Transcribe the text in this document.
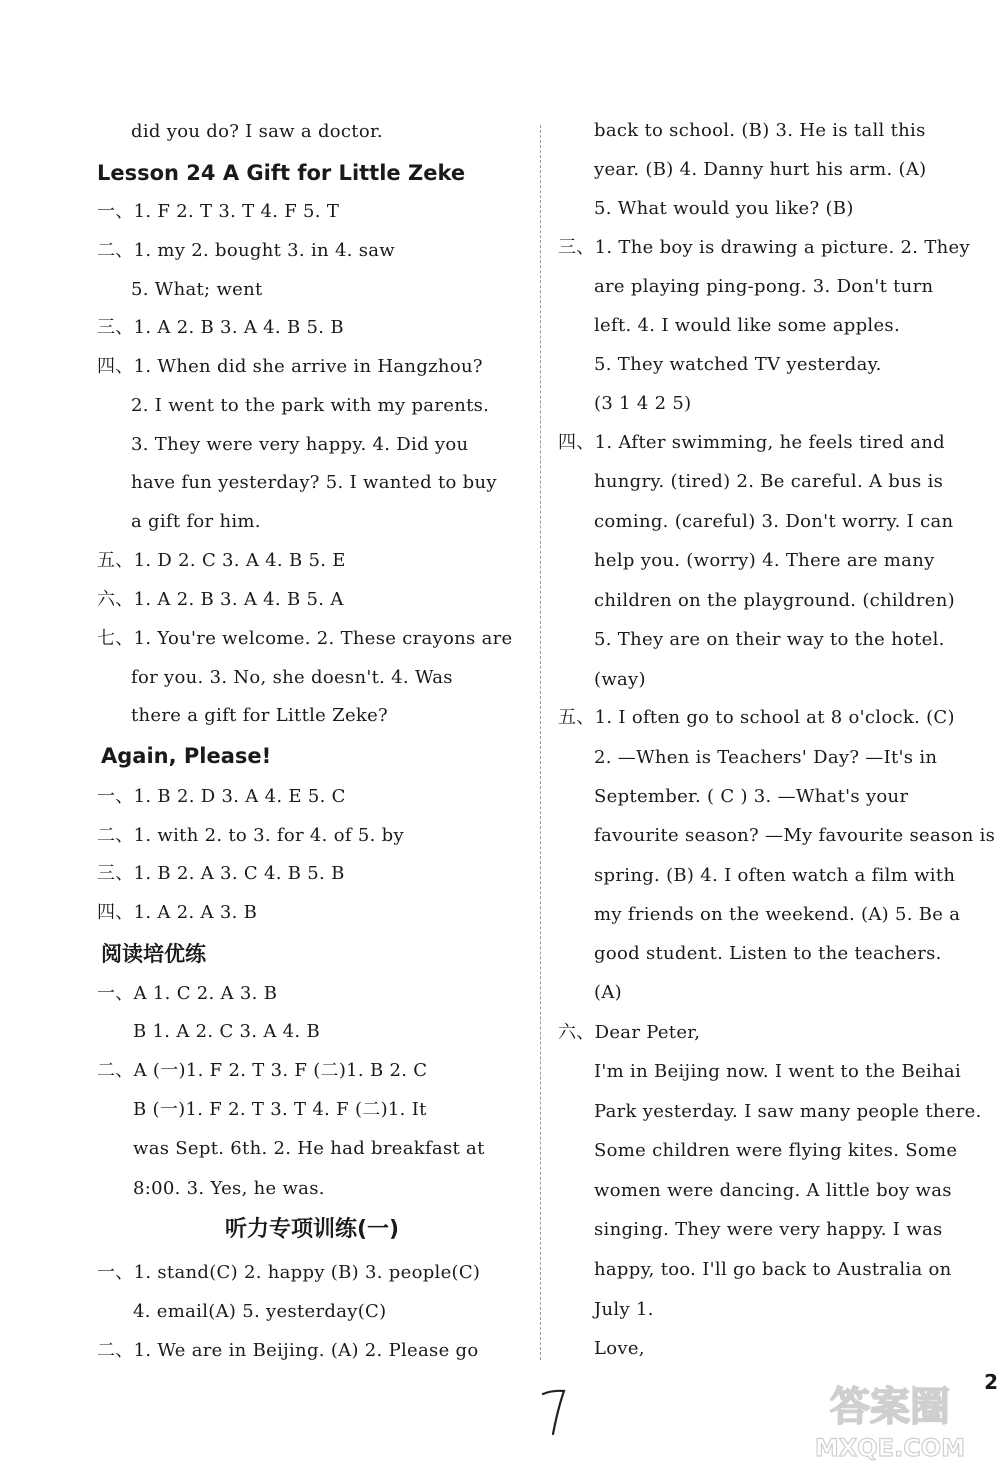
did you do? I saw a doctor.
Lesson 24 A Gift for Little Zeke
一、1. F 2. T 3. T 4. F 5. T
二、1. my 2. bought 3. in 4. saw
5. What; went
三、1. A 2. B 3. A 4. B 5. B
四、1. When did she arrive in Hangzhou?
2. I went to the park with my parents.
3. They were very happy. 4. Did you
have fun yesterday? 5. I wanted to buy
a gift for him.
五、1. D 2. C 3. A 4. B 5. E
六、1. A 2. B 3. A 4. B 5. A
七、1. You're welcome. 2. These crayons are
for you. 3. No, she doesn't. 4. Was
there a gift for Little Zeke?
Again, Please!
一、1. B 2. D 3. A 4. E 5. C
二、1. with 2. to 3. for 4. of 5. by
三、1. B 2. A 3. C 4. B 5. B
四、1. A 2. A 3. B
阅读培优练
一、A 1. C 2. A 3. B
B 1. A 2. C 3. A 4. B
二、A (一)1. F 2. T 3. F (二)1. B 2. C
B (一)1. F 2. T 3. T 4. F (二)1. It
was Sept. 6th. 2. He had breakfast at
8:00. 3. Yes, he was.
一、1. stand(C) 2. happy (B) 3. people(C)
4. email(A) 5. yesterday(C)
二、1. We are in Beijing. (A) 2. Please go
听力专项训练(一)
back to school. (B) 3. He is tall this
year. (B) 4. Danny hurt his arm. (A)
5. What would you like? (B)
三、1. The boy is drawing a picture. 2. They
are playing ping-pong. 3. Don't turn
left. 4. I would like some apples.
5. They watched TV yesterday.
(3 1 4 2 5)
四、1. After swimming, he feels tired and
hungry. (tired) 2. Be careful. A bus is
coming. (careful) 3. Don't worry. I can
help you. (worry) 4. There are many
children on the playground. (children)
5. They are on their way to the hotel.
(way)
五、1. I often go to school at 8 o'clock. (C)
2. —When is Teachers' Day? —It's in
September. ( C ) 3. —What's your
favourite season? —My favourite season is
spring. (B) 4. I often watch a film with
my friends on the weekend. (A) 5. Be a
good student. Listen to the teachers.
(A)
六、Dear Peter,
I'm in Beijing now. I went to the Beihai
Park yesterday. I saw many people there.
Some children were flying kites. Some
women were dancing. A little boy was
singing. They were very happy. I was
happy, too. I'll go back to Australia on
July 1.
Love,
2
答案圈
MXQE.COM
